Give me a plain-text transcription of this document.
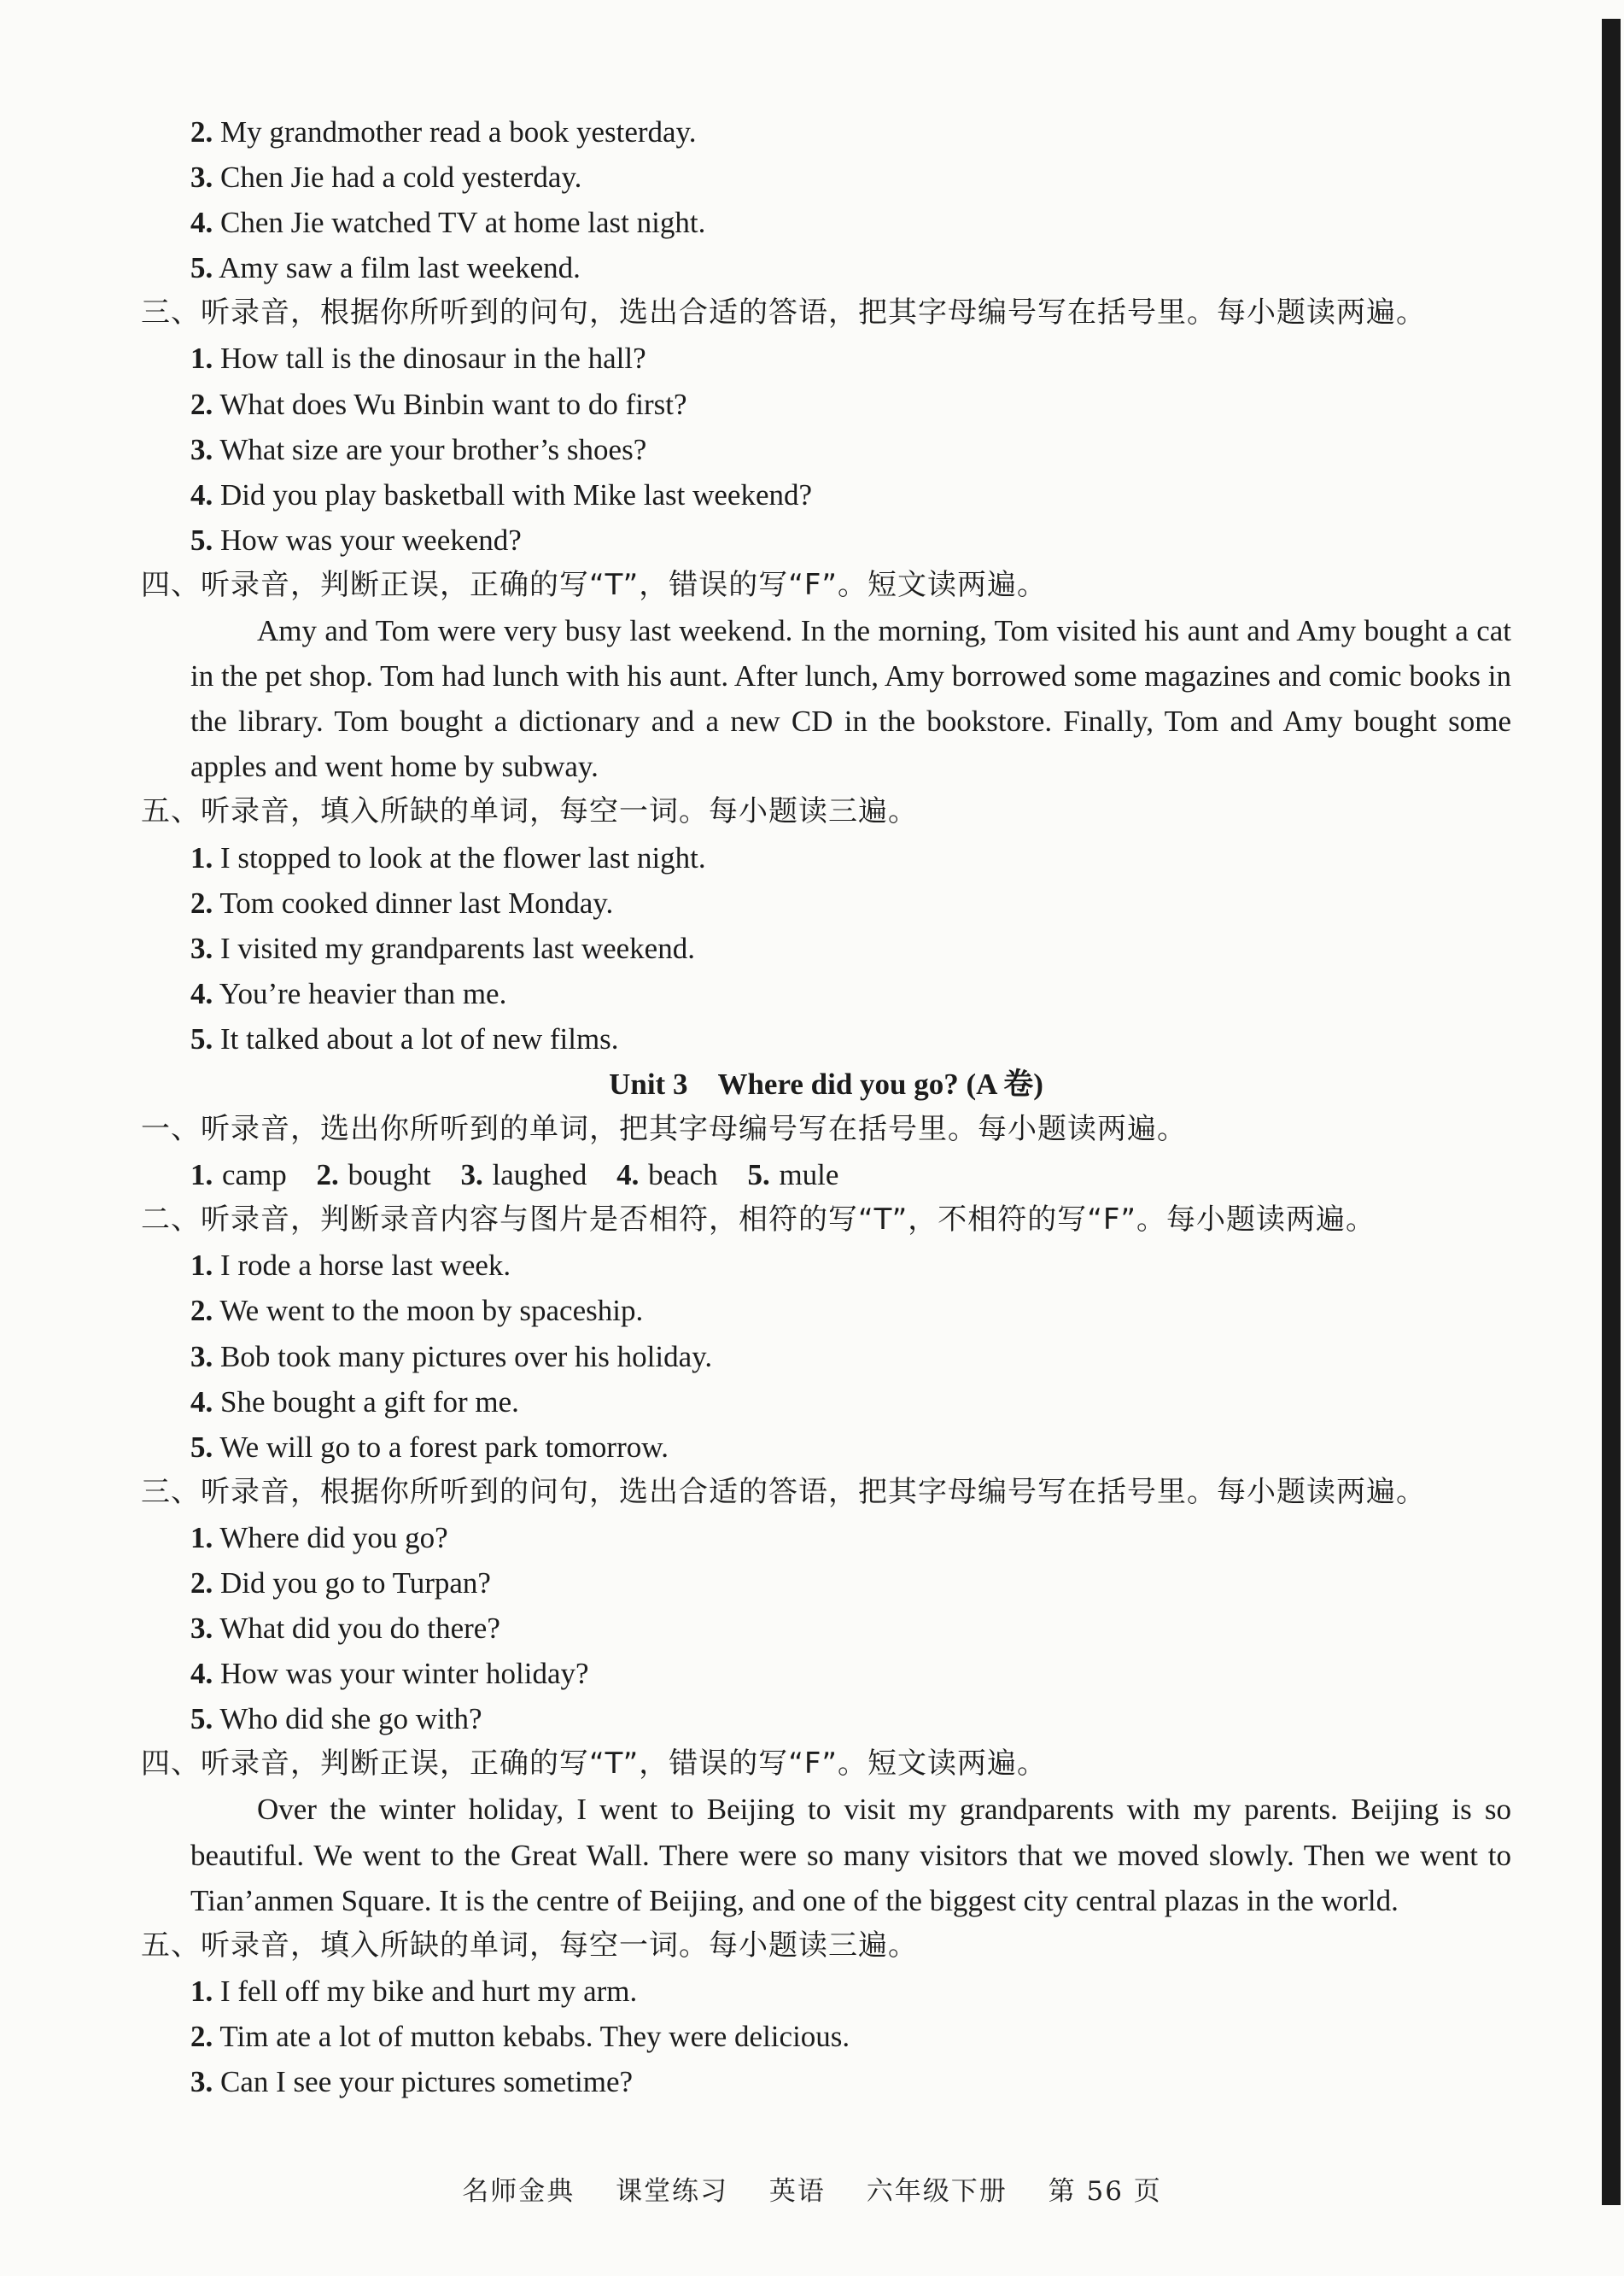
2. My grandmother read a book yesterday.
3. Chen Jie had a cold yesterday.
4. Chen Jie watched TV at home last night.
5. Amy saw a film last weekend.
三、听录音，根据你所听到的问句，选出合适的答语，把其字母编号写在括号里。每小题读两遍。
1. How tall is the dinosaur in the hall?
2. What does Wu Binbin want to do first?
3. What size are your brother’s shoes?
4. Did you play basketball with Mike last weekend?
5. How was your weekend?
四、听录音，判断正误，正确的写“T”，错误的写“F”。短文读两遍。
Amy and Tom were very busy last weekend. In the morning, Tom visited his aunt and Amy bought a cat in the pet shop. Tom had lunch with his aunt. After lunch, Amy borrowed some magazines and comic books in the library. Tom bought a dictionary and a new CD in the bookstore. Finally, Tom and Amy bought some apples and went home by subway.
五、听录音，填入所缺的单词，每空一词。每小题读三遍。
1. I stopped to look at the flower last night.
2. Tom cooked dinner last Monday.
3. I visited my grandparents last weekend.
4. You’re heavier than me.
5. It talked about a lot of new films.
Unit 3　Where did you go? (A 卷)
一、听录音，选出你所听到的单词，把其字母编号写在括号里。每小题读两遍。
1. camp 2. bought 3. laughed 4. beach 5. mule
二、听录音，判断录音内容与图片是否相符，相符的写“T”，不相符的写“F”。每小题读两遍。
1. I rode a horse last week.
2. We went to the moon by spaceship.
3. Bob took many pictures over his holiday.
4. She bought a gift for me.
5. We will go to a forest park tomorrow.
三、听录音，根据你所听到的问句，选出合适的答语，把其字母编号写在括号里。每小题读两遍。
1. Where did you go?
2. Did you go to Turpan?
3. What did you do there?
4. How was your winter holiday?
5. Who did she go with?
四、听录音，判断正误，正确的写“T”，错误的写“F”。短文读两遍。
Over the winter holiday, I went to Beijing to visit my grandparents with my parents. Beijing is so beautiful. We went to the Great Wall. There were so many visitors that we moved slowly. Then we went to Tian’anmen Square. It is the centre of Beijing, and one of the biggest city central plazas in the world.
五、听录音，填入所缺的单词，每空一词。每小题读三遍。
1. I fell off my bike and hurt my arm.
2. Tim ate a lot of mutton kebabs. They were delicious.
3. Can I see your pictures sometime?
名师金典 课堂练习 英语 六年级下册 第 56 页
